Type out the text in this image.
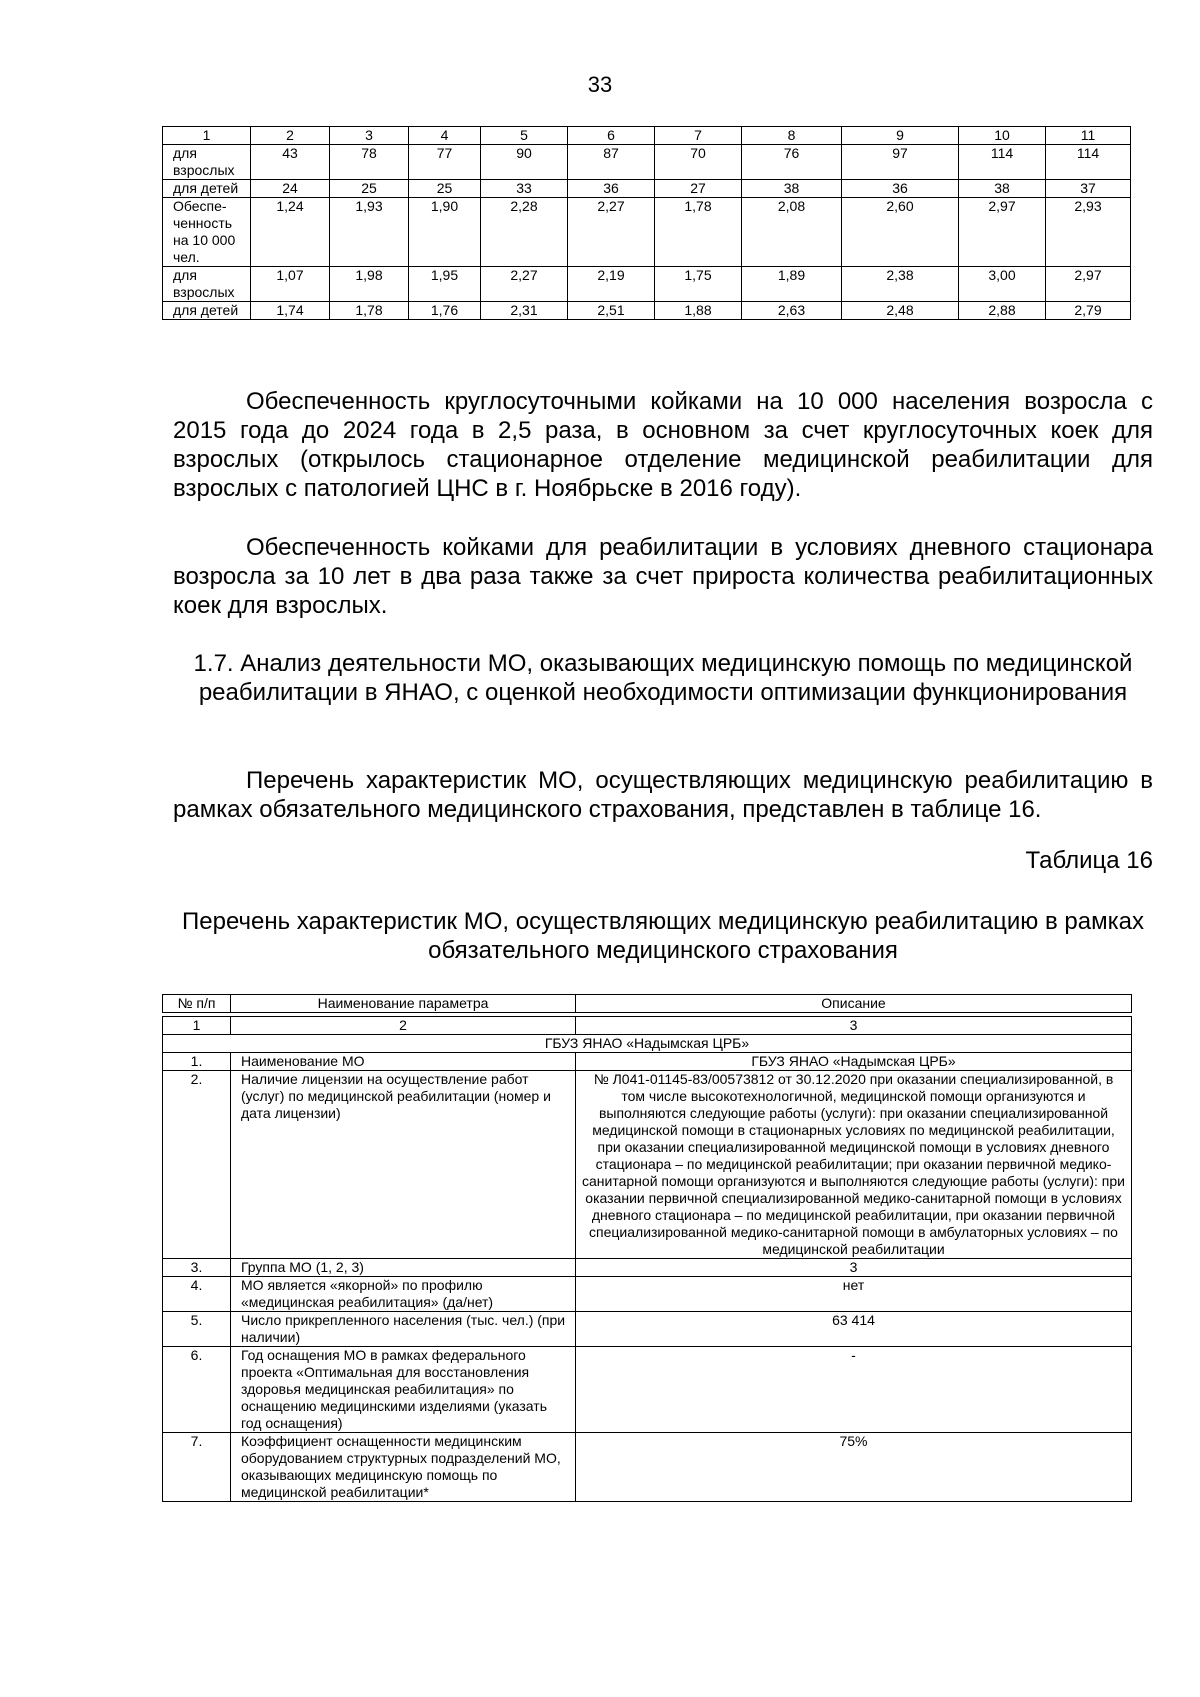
33
1	2	3	4	5	6	7	8	9	10	11
для взрослых	43	78	77	90	87	70	76	97	114	114
для детей	24	25	25	33	36	27	38	36	38	37
Обеспе-ченность на 10 000 чел.	1,24	1,93	1,90	2,28	2,27	1,78	2,08	2,60	2,97	2,93
для взрослых	1,07	1,98	1,95	2,27	2,19	1,75	1,89	2,38	3,00	2,97
для детей	1,74	1,78	1,76	2,31	2,51	1,88	2,63	2,48	2,88	2,79

Обеспеченность круглосуточными койками на 10 000 населения возросла с 2015 года до 2024 года в 2,5 раза, в основном за счет круглосуточных коек для взрослых (открылось стационарное отделение медицинской реабилитации для взрослых с патологией ЦНС в г. Ноябрьске в 2016 году).

Обеспеченность койками для реабилитации в условиях дневного стационара возросла за 10 лет в два раза также за счет прироста количества реабилитационных коек для взрослых.

1.7. Анализ деятельности МО, оказывающих медицинскую помощь по медицинской реабилитации в ЯНАО, с оценкой необходимости оптимизации функционирования

Перечень характеристик МО, осуществляющих медицинскую реабилитацию в рамках обязательного медицинского страхования, представлен в таблице 16.

Таблица 16

Перечень характеристик МО, осуществляющих медицинскую реабилитацию в рамках обязательного медицинского страхования

№ п/п	Наименование параметра	Описание

1	2	3
ГБУЗ ЯНАО «Надымская ЦРБ»		
1.	Наименование МО	ГБУЗ ЯНАО «Надымская ЦРБ»
2.	Наличие лицензии на осуществление работ (услуг) по медицинской реабилитации (номер и дата лицензии)	№ Л041-01145-83/00573812 от 30.12.2020 при оказании специализированной, в том числе высокотехнологичной, медицинской помощи организуются и выполняются следующие работы (услуги): при оказании специализированной медицинской помощи в стационарных условиях по медицинской реабилитации, при оказании специализированной медицинской помощи в условиях дневного стационара – по медицинской реабилитации; при оказании первичной медико-санитарной помощи организуются и выполняются следующие работы (услуги): при оказании первичной специализированной медико-санитарной помощи в условиях дневного стационара – по медицинской реабилитации, при оказании первичной специализированной медико-санитарной помощи в амбулаторных условиях – по медицинской реабилитации
3.	Группа МО (1, 2, 3)	3
4.	МО является «якорной» по профилю «медицинская реабилитация» (да/нет)	нет
5.	Число прикрепленного населения (тыс. чел.) (при наличии)	63 414
6.	Год оснащения МО в рамках федерального проекта «Оптимальная для восстановления здоровья медицинская реабилитация» по оснащению медицинскими изделиями (указать год оснащения)	-
7.	Коэффициент оснащенности медицинским оборудованием структурных подразделений МО, оказывающих медицинскую помощь по медицинской реабилитации*	75%
